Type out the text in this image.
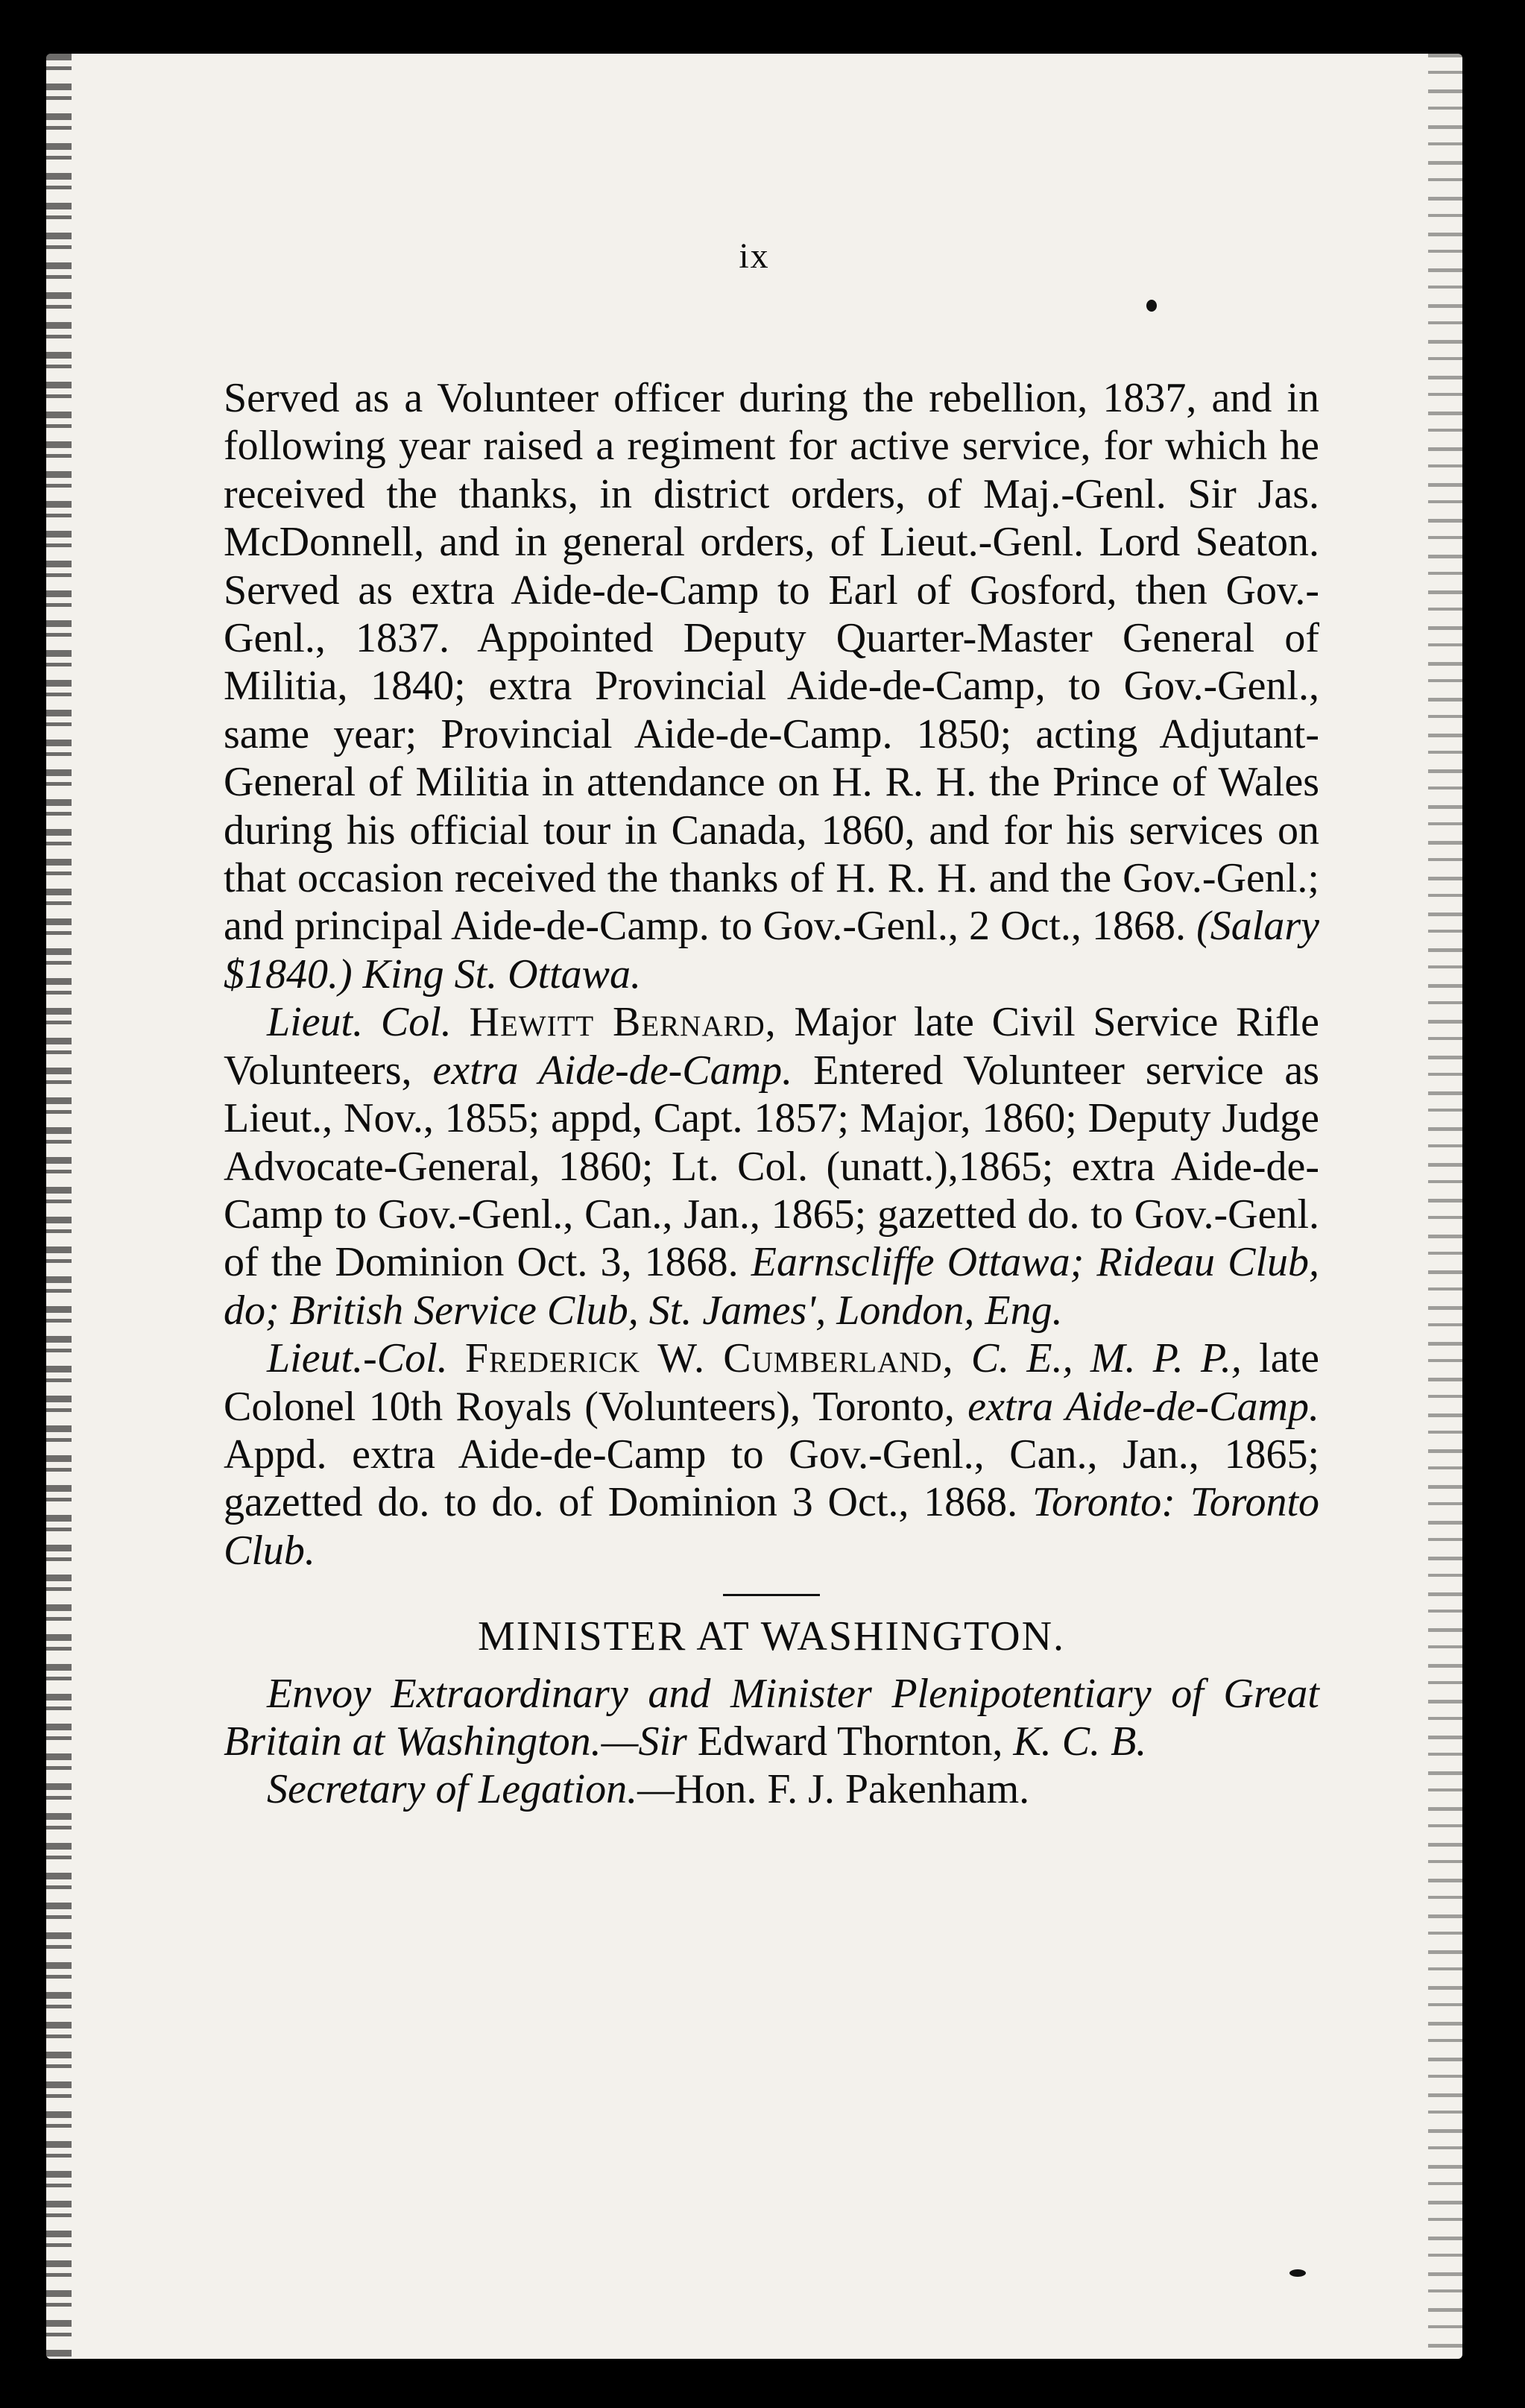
ix

Served as a Volunteer officer during the rebellion, 1837, and in following year raised a regiment for active service, for which he received the thanks, in district orders, of Maj.-Genl. Sir Jas. McDonnell, and in general orders, of Lieut.-Genl. Lord Seaton. Served as extra Aide-de-Camp to Earl of Gosford, then Gov.-Genl., 1837. Appointed Deputy Quarter-Master General of Militia, 1840; extra Provincial Aide-de-Camp, to Gov.-Genl., same year; Provincial Aide-de-Camp. 1850; acting Adjutant-General of Militia in attendance on H. R. H. the Prince of Wales during his official tour in Canada, 1860, and for his services on that occasion received the thanks of H. R. H. and the Gov.-Genl.; and principal Aide-de-Camp. to Gov.-Genl., 2 Oct., 1868. (Salary $1840.) King St. Ottawa.

Lieut. Col. Hewitt Bernard, Major late Civil Service Rifle Volunteers, extra Aide-de-Camp. Entered Volunteer service as Lieut., Nov., 1855; appd, Capt. 1857; Major, 1860; Deputy Judge Advocate-General, 1860; Lt. Col. (unatt.),1865; extra Aide-de-Camp to Gov.-Genl., Can., Jan., 1865; gazetted do. to Gov.-Genl. of the Dominion Oct. 3, 1868. Earnscliffe Ottawa; Rideau Club, do; British Service Club, St. James', London, Eng.

Lieut.-Col. Frederick W. Cumberland, C. E., M. P. P., late Colonel 10th Royals (Volunteers), Toronto, extra Aide-de-Camp. Appd. extra Aide-de-Camp to Gov.-Genl., Can., Jan., 1865; gazetted do. to do. of Dominion 3 Oct., 1868. Toronto: Toronto Club.

MINISTER AT WASHINGTON.

Envoy Extraordinary and Minister Plenipotentiary of Great Britain at Washington.—Sir Edward Thornton, K. C. B.

Secretary of Legation.—Hon. F. J. Pakenham.
